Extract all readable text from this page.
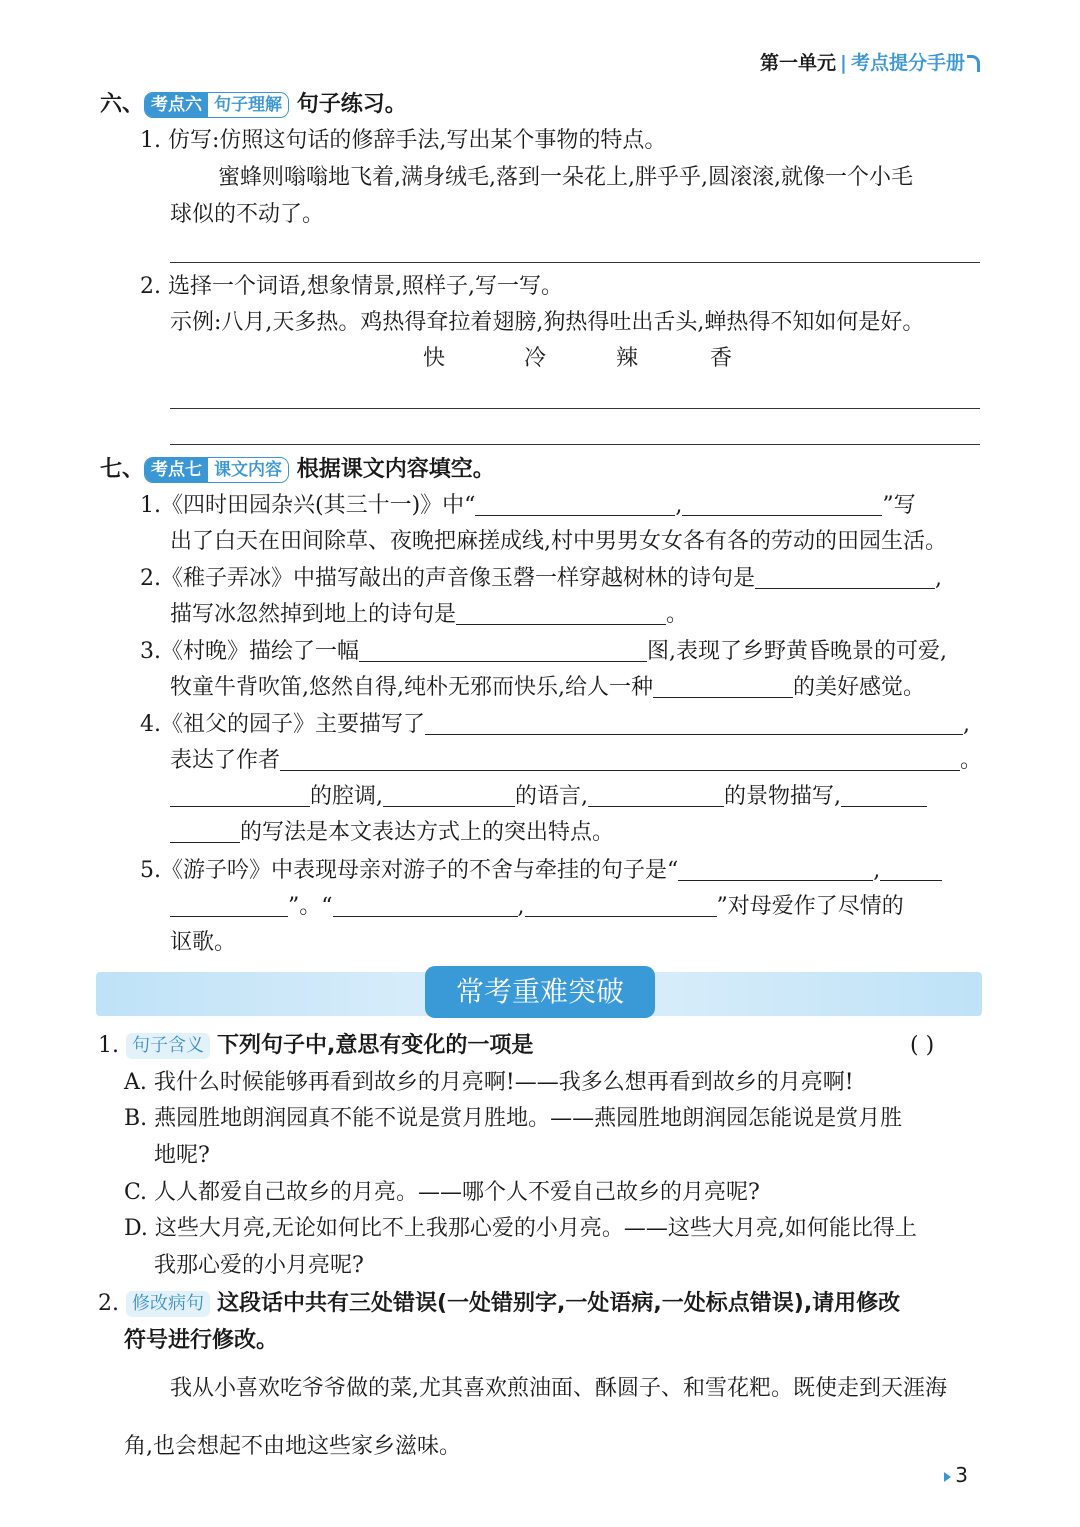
第一单元 | 考点提分手册
六、 考点六 句子理解 句子练习。
1. 仿写:仿照这句话的修辞手法,写出某个事物的特点。
蜜蜂则嗡嗡地飞着,满身绒毛,落到一朵花上,胖乎乎,圆滚滚,就像一个小毛
球似的不动了。
2. 选择一个词语,想象情景,照样子,写一写。
示例:八月,天多热。鸡热得耷拉着翅膀,狗热得吐出舌头,蝉热得不知如何是好。
快	冷	辣	香
七、 考点七 课文内容 根据课文内容填空。
1.《四时田园杂兴(其三十一)》中“	,	”写
出了白天在田间除草、夜晚把麻搓成线,村中男男女女各有各的劳动的田园生活。
2.《稚子弄冰》中描写敲出的声音像玉磬一样穿越树林的诗句是	,
描写冰忽然掉到地上的诗句是	。
3.《村晚》描绘了一幅	图,表现了乡野黄昏晚景的可爱,
牧童牛背吹笛,悠然自得,纯朴无邪而快乐,给人一种	的美好感觉。
4.《祖父的园子》主要描写了	,
表达了作者	。
的腔调,	的语言,	的景物描写,
的写法是本文表达方式上的突出特点。
5.《游子吟》中表现母亲对游子的不舍与牵挂的句子是“	,
”。“	,	”对母爱作了尽情的
讴歌。
常考重难突破
1. 句子含义 下列句子中,意思有变化的一项是	( )
A. 我什么时候能够再看到故乡的月亮啊!——我多么想再看到故乡的月亮啊!
B. 燕园胜地朗润园真不能不说是赏月胜地。——燕园胜地朗润园怎能说是赏月胜
地呢?
C. 人人都爱自己故乡的月亮。——哪个人不爱自己故乡的月亮呢?
D. 这些大月亮,无论如何比不上我那心爱的小月亮。——这些大月亮,如何能比得上
我那心爱的小月亮呢?
2. 修改病句 这段话中共有三处错误(一处错别字,一处语病,一处标点错误),请用修改
符号进行修改。
我从小喜欢吃爷爷做的菜,尤其喜欢煎油面、酥圆子、和雪花粑。既使走到天涯海
角,也会想起不由地这些家乡滋味。
3
